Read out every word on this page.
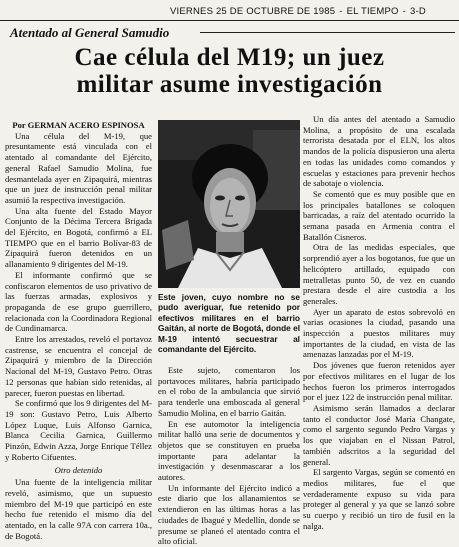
VIERNES 25 DE OCTUBRE DE 1985 - EL TIEMPO - 3-D
Atentado al General Samudio
Cae célula del M19; un juez
militar asume investigación

Por GERMAN ACERO ESPINOSA

Una célula del M-19, que presuntamente está vinculada con el atentado al comandante del Ejército, general Rafael Samudio Molina, fue desmantelada ayer en Zipaquirá, mientras que un juez de instrucción penal militar asumió la respectiva investigación.

Una alta fuente del Estado Mayor Conjunto de la Décima Tercera Brigada del Ejército, en Bogotá, confirmó a EL TIEMPO que en el barrio Bolívar-83 de Zipaquirá fueron detenidos en un allanamiento 9 dirigentes del M-19.

El informante confirmó que se confiscaron elementos de uso privativo de las fuerzas armadas, explosivos y propaganda de ese grupo guerrillero, relacionada con la Coordinadora Regional de Cundinamarca.

Entre los arrestados, reveló el portavoz castrense, se encuentra el concejal de Zipaquirá y miembro de la Dirección Nacional del M-19, Gustavo Petro. Otras 12 personas que habían sido retenidas, al parecer, fueron puestas en libertad.

Se confirmó que los 9 dirigentes del M-19 son: Gustavo Petro, Luis Alberto López Luque, Luis Alfonso Garnica, Blanca Cecilia Garnica, Guillermo Pinzón, Edwin Azza, Jorge Enrique Téllez y Roberto Cifuentes.

Otro detenido

Una fuente de la inteligencia militar reveló, asimismo, que un supuesto miembro del M-19 que participó en este hecho fue retenido el mismo día del atentado, en la calle 97A con carrera 10a., de Bogotá.

Este joven, cuyo nombre no se pudo averiguar, fue retenido por efectivos militares en el barrio Gaitán, al norte de Bogotá, donde el M-19 intentó secuestrar al comandante del Ejército.

Este sujeto, comentaron los portavoces militares, habría participado en el robo de la ambulancia que sirvió para tenderle una emboscada al general Samudio Molina, en el barrio Gaitán.

En ese automotor la inteligencia militar halló una serie de documentos y objetos que se constituyen en prueba importante para adelantar la investigación y desenmascarar a los autores.

Un informante del Ejército indicó a este diario que los allanamientos se extendieron en las últimas horas a las ciudades de Ibagué y Medellín, donde se presume se planeó el atentado contra el alto oficial.

Un día antes del atentado a Samudio Molina, a propósito de una escalada terrorista desatada por el ELN, los altos mandos de la policía dispusieron una alerta en todas las unidades como comandos y escuelas y estaciones para prevenir hechos de sabotaje o violencia.

Se comentó que es muy posible que en los principales batallones se coloquen barricadas, a raíz del atentado ocurrido la semana pasada en Armenia contra el Batallón Cisneros.

Otra de las medidas especiales, que sorprendió ayer a los bogotanos, fue que un helicóptero artillado, equipado con metralletas punto 50, de vez en cuando prestara desde el aire custodia a los generales.

Ayer un aparato de estos sobrevoló en varias ocasiones la ciudad, pasando una inspección a puestos militares muy importantes de la ciudad, en vista de las amenazas lanzadas por el M-19.

Dos jóvenes que fueron retenidos ayer por efectivos militares en el lugar de los hechos fueron los primeros interrogados por el juez 122 de instrucción penal militar.

Asimismo serán llamados a declarar tanto el conductor José María Changate, como el sargento segundo Pedro Vargas y los que viajaban en el Nissan Patrol, también adscritos a la seguridad del general.

El sargento Vargas, según se comentó en medios militares, fue el que verdaderamente expuso su vida para proteger al general y ya que se lanzó sobre su cuerpo y recibió un tiro de fusil en la nalga.
